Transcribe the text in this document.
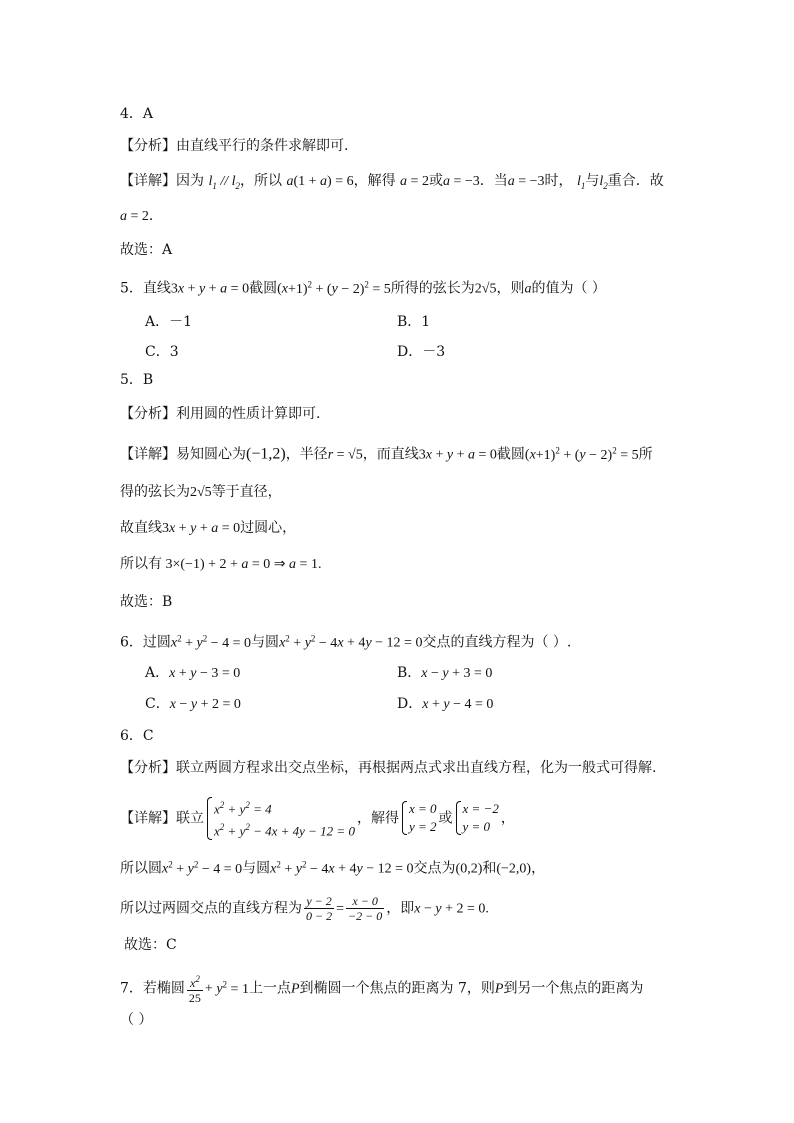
4．A
【分析】由直线平行的条件求解即可.
【详解】因为 $l_1 // l_2$，所以 a(1 + a) = 6，解得 a = 2或a = −3．当a = −3时， $l_1$与$l_2$重合．故
a = 2．
故选：A
5．直线3x + y + a = 0截圆$(x+1)^2 + (y - 2)^2 = 5$所得的弦长为2√5，则a的值为（ ）
A．－1	B．1
C．3	D．－3
5．B
【分析】利用圆的性质计算即可.
【详解】易知圆心为(−1,2)，半径r = √5，而直线3x + y + a = 0截圆$(x+1)^2 + (y - 2)^2 = 5$所
得的弦长为2√5等于直径，
故直线3x + y + a = 0过圆心，
所以有 3×(−1) + 2 + a = 0 ⇒ a = 1.
故选：B
6．过圆$x^2 + y^2 - 4 = 0$与圆$x^2 + y^2 - 4x + 4y - 12 = 0$交点的直线方程为（ ）.
A．x + y − 3 = 0	B．x − y + 3 = 0
C．x − y + 2 = 0	D．x + y − 4 = 0
6．C
【分析】联立两圆方程求出交点坐标，再根据两点式求出直线方程，化为一般式可得解.
【详解】联立
$x^2 + y^2 = 4$
$x^2 + y^2 - 4x + 4y - 12 = 0$
，解得
x = 0
y = 2
或
x = −2
y = 0
，
所以圆$x^2 + y^2 - 4 = 0$与圆$x^2 + y^2 - 4x + 4y - 12 = 0$交点为(0,2)和(−2,0)，
所以过两圆交点的直线方程为 $\frac{y - 2}{0 - 2} = \frac{x - 0}{-2 - 0}$ ，即x − y + 2 = 0.
故选：C
7．若椭圆 $\frac{x^2}{25} + y^2 = 1$上一点P到椭圆一个焦点的距离为 7，则P到另一个焦点的距离为
（ ）
